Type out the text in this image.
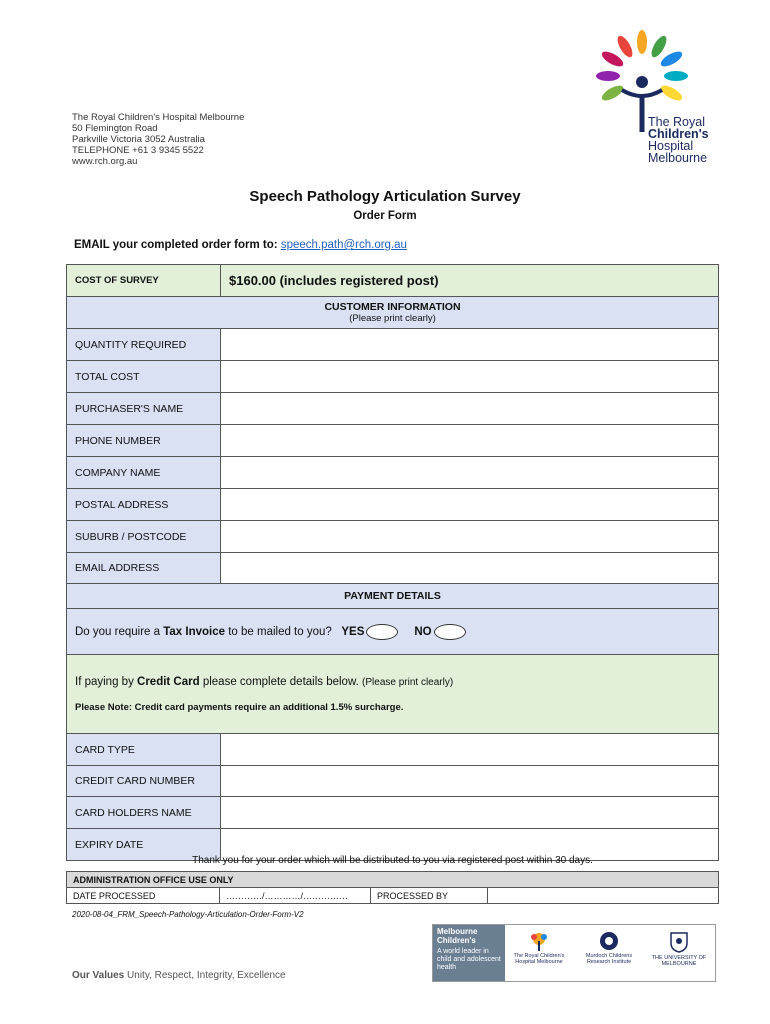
The Royal Children's Hospital Melbourne
50 Flemington Road
Parkville Victoria 3052 Australia
TELEPHONE +61 3 9345 5522
www.rch.org.au
The Royal
Children's
Hospital
Melbourne
Speech Pathology Articulation Survey
Order Form
EMAIL your completed order form to: speech.path@rch.org.au
COST OF SURVEY	$160.00 (includes registered post)

CUSTOMER INFORMATION
(Please print clearly)	

QUANTITY REQUIRED	
TOTAL COST	
PURCHASER'S NAME	
PHONE NUMBER	
COMPANY NAME	
POSTAL ADDRESS	
SUBURB / POSTCODE	
EMAIL ADDRESS	
PAYMENT DETAILS	
Do you require a Tax Invoice to be mailed to you? YES NO	

If paying by Credit Card please complete details below. (Please print clearly)
Please Note: Credit card payments require an additional 1.5% surcharge.	

CARD TYPE	
CREDIT CARD NUMBER	
CARD HOLDERS NAME	
EXPIRY DATE	
Thank you for your order which will be distributed to you via registered post within 30 days.
ADMINISTRATION OFFICE USE ONLY
DATE PROCESSED	…………/…………/……………	PROCESSED BY	
2020-08-04_FRM_Speech-Pathology-Articulation-Order-Form-V2
Our Values Unity, Respect, Integrity, Excellence
Melbourne Children's
A world leader in child and adolescent health
The Royal Children's Hospital Melbourne
Murdoch Childrens Research Institute
THE UNIVERSITY OF MELBOURNE
